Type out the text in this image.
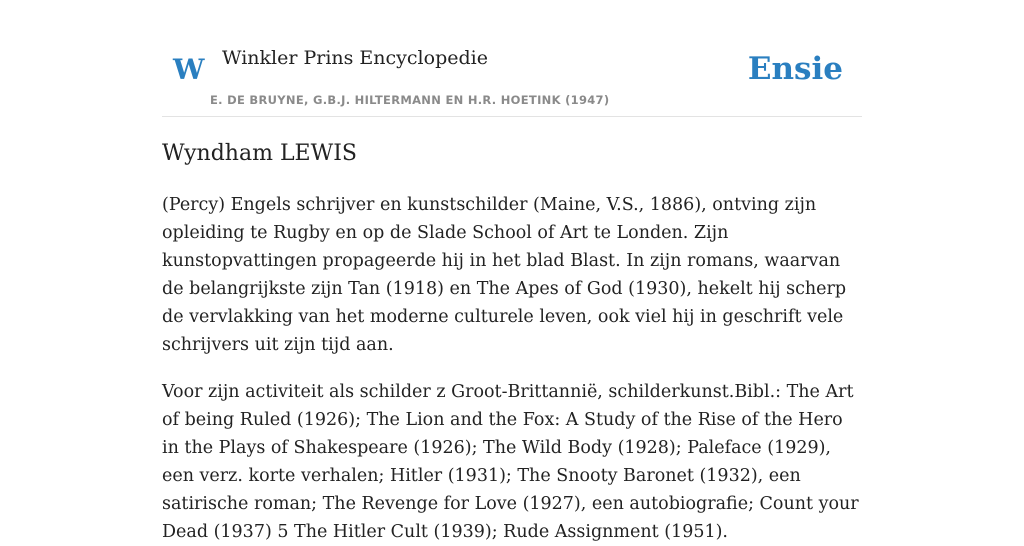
W Winkler Prins Encyclopedie
E. DE BRUYNE, G.B.J. HILTERMANN EN H.R. HOETINK (1947)
Ensie
Wyndham LEWIS

(Percy) Engels schrijver en kunstschilder (Maine, V.S., 1886), ontving zijn opleiding te Rugby en op de Slade School of Art te Londen. Zijn kunstopvattingen propageerde hij in het blad Blast. In zijn romans, waarvan de belangrijkste zijn Tan (1918) en The Apes of God (1930), hekelt hij scherp de vervlakking van het moderne culturele leven, ook viel hij in geschrift vele schrijvers uit zijn tijd aan.

Voor zijn activiteit als schilder z Groot-Brittannië, schilderkunst.Bibl.: The Art of being Ruled (1926); The Lion and the Fox: A Study of the Rise of the Hero in the Plays of Shakespeare (1926); The Wild Body (1928); Paleface (1929), een verz. korte verhalen; Hitler (1931); The Snooty Baronet (1932), een satirische roman; The Revenge for Love (1927), een autobiografie; Count your Dead (1937) 5 The Hitler Cult (1939); Rude Assignment (1951).
